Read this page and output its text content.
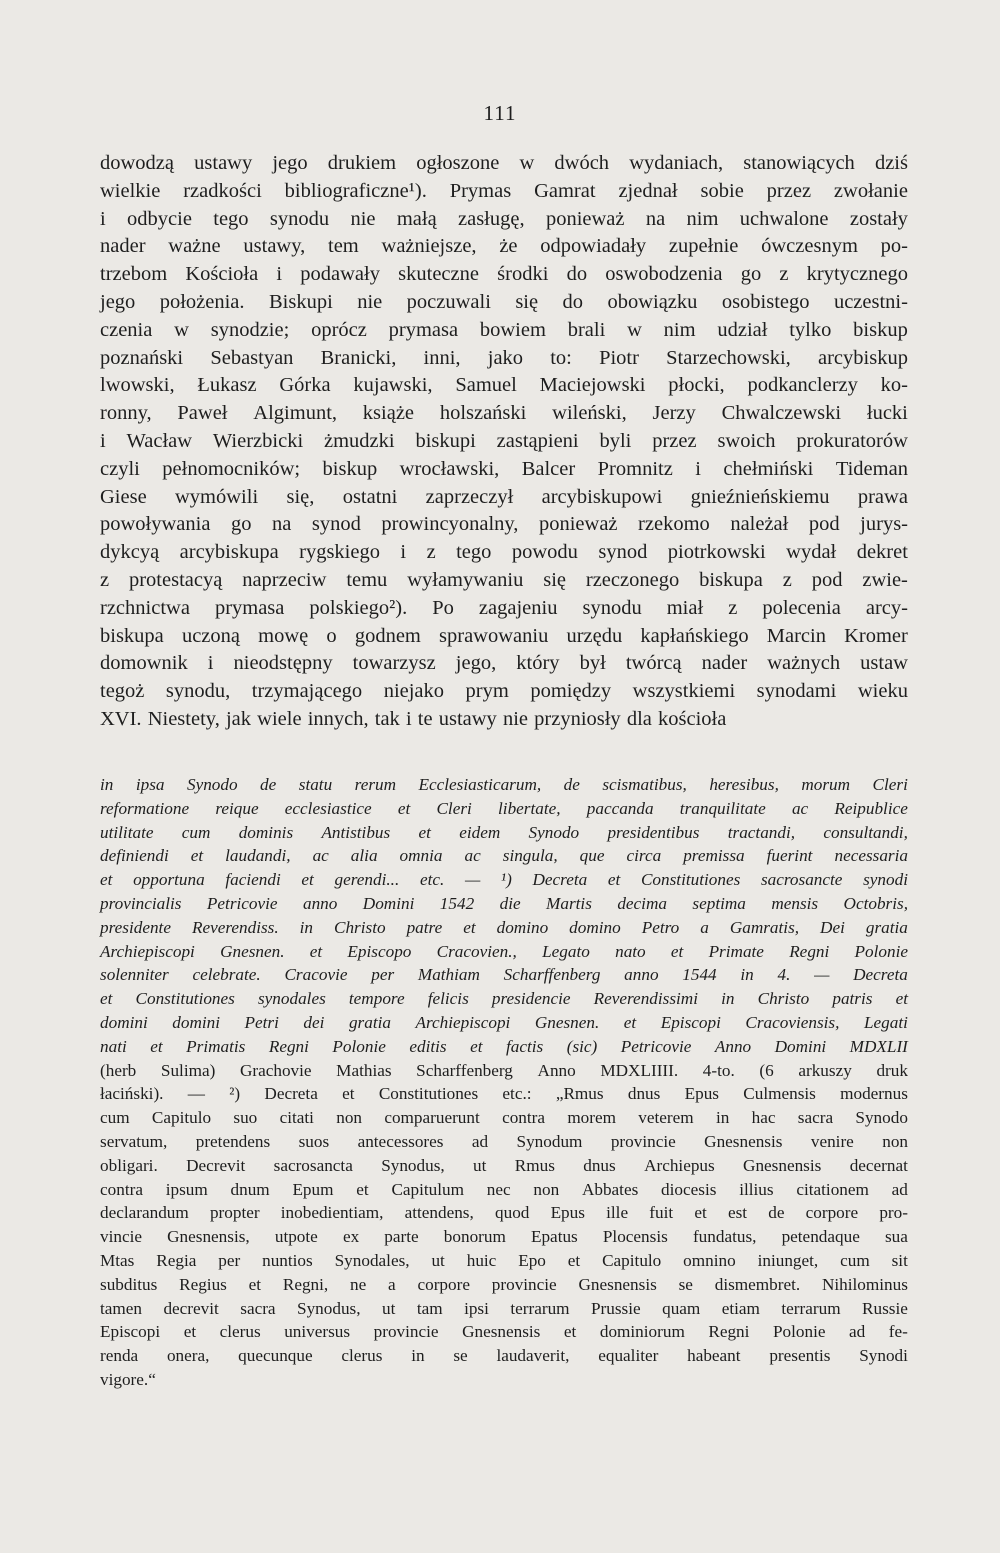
111
dowodzą ustawy jego drukiem ogłoszone w dwóch wydaniach, stanowiących dziś
wielkie rzadkości bibliograficzne¹). Prymas Gamrat zjednał sobie przez zwołanie
i odbycie tego synodu nie małą zasługę, ponieważ na nim uchwalone zostały
nader ważne ustawy, tem ważniejsze, że odpowiadały zupełnie ówczesnym po-
trzebom Kościoła i podawały skuteczne środki do oswobodzenia go z krytycznego
jego położenia. Biskupi nie poczuwali się do obowiązku osobistego uczestni-
czenia w synodzie; oprócz prymasa bowiem brali w nim udział tylko biskup
poznański Sebastyan Branicki, inni, jako to: Piotr Starzechowski, arcybiskup
lwowski, Łukasz Górka kujawski, Samuel Maciejowski płocki, podkanclerzy ko-
ronny, Paweł Algimunt, książe holszański wileński, Jerzy Chwalczewski łucki
i Wacław Wierzbicki żmudzki biskupi zastąpieni byli przez swoich prokuratorów
czyli pełnomocników; biskup wrocławski, Balcer Promnitz i chełmiński Tideman
Giese wymówili się, ostatni zaprzeczył arcybiskupowi gnieźnieńskiemu prawa
powoływania go na synod prowincyonalny, ponieważ rzekomo należał pod jurys-
dykcyą arcybiskupa rygskiego i z tego powodu synod piotrkowski wydał dekret
z protestacyą naprzeciw temu wyłamywaniu się rzeczonego biskupa z pod zwie-
rzchnictwa prymasa polskiego²). Po zagajeniu synodu miał z polecenia arcy-
biskupa uczoną mowę o godnem sprawowaniu urzędu kapłańskiego Marcin Kromer
domownik i nieodstępny towarzysz jego, który był twórcą nader ważnych ustaw
tegoż synodu, trzymającego niejako prym pomiędzy wszystkiemi synodami wieku
XVI. Niestety, jak wiele innych, tak i te ustawy nie przyniosły dla kościoła
in ipsa Synodo de statu rerum Ecclesiasticarum, de scismatibus, heresibus, morum Cleri
reformatione reique ecclesiastice et Cleri libertate, paccanda tranquilitate ac Reipublice
utilitate cum dominis Antistibus et eidem Synodo presidentibus tractandi, consultandi,
definiendi et laudandi, ac alia omnia ac singula, que circa premissa fuerint necessaria
et opportuna faciendi et gerendi... etc. — ¹) Decreta et Constitutiones sacrosancte synodi
provincialis Petricovie anno Domini 1542 die Martis decima septima mensis Octobris,
presidente Reverendiss. in Christo patre et domino domino Petro a Gamratis, Dei gratia
Archiepiscopi Gnesnen. et Episcopo Cracovien., Legato nato et Primate Regni Polonie
solenniter celebrate. Cracovie per Mathiam Scharffenberg anno 1544 in 4. — Decreta
et Constitutiones synodales tempore felicis presidencie Reverendissimi in Christo patris et
domini domini Petri dei gratia Archiepiscopi Gnesnen. et Episcopi Cracoviensis, Legati
nati et Primatis Regni Polonie editis et factis (sic) Petricovie Anno Domini MDXLII
(herb Sulima) Grachovie Mathias Scharffenberg Anno MDXLIIII. 4-to. (6 arkuszy druk
łaciński). — ²) Decreta et Constitutiones etc.: „Rmus dnus Epus Culmensis modernus
cum Capitulo suo citati non comparuerunt contra morem veterem in hac sacra Synodo
servatum, pretendens suos antecessores ad Synodum provincie Gnesnensis venire non
obligari. Decrevit sacrosancta Synodus, ut Rmus dnus Archiepus Gnesnensis decernat
contra ipsum dnum Epum et Capitulum nec non Abbates diocesis illius citationem ad
declarandum propter inobedientiam, attendens, quod Epus ille fuit et est de corpore pro-
vincie Gnesnensis, utpote ex parte bonorum Epatus Plocensis fundatus, petendaque sua
Mtas Regia per nuntios Synodales, ut huic Epo et Capitulo omnino iniunget, cum sit
subditus Regius et Regni, ne a corpore provincie Gnesnensis se dismembret. Nihilominus
tamen decrevit sacra Synodus, ut tam ipsi terrarum Prussie quam etiam terrarum Russie
Episcopi et clerus universus provincie Gnesnensis et dominiorum Regni Polonie ad fe-
renda onera, quecunque clerus in se laudaverit, equaliter habeant presentis Synodi
vigore.“
